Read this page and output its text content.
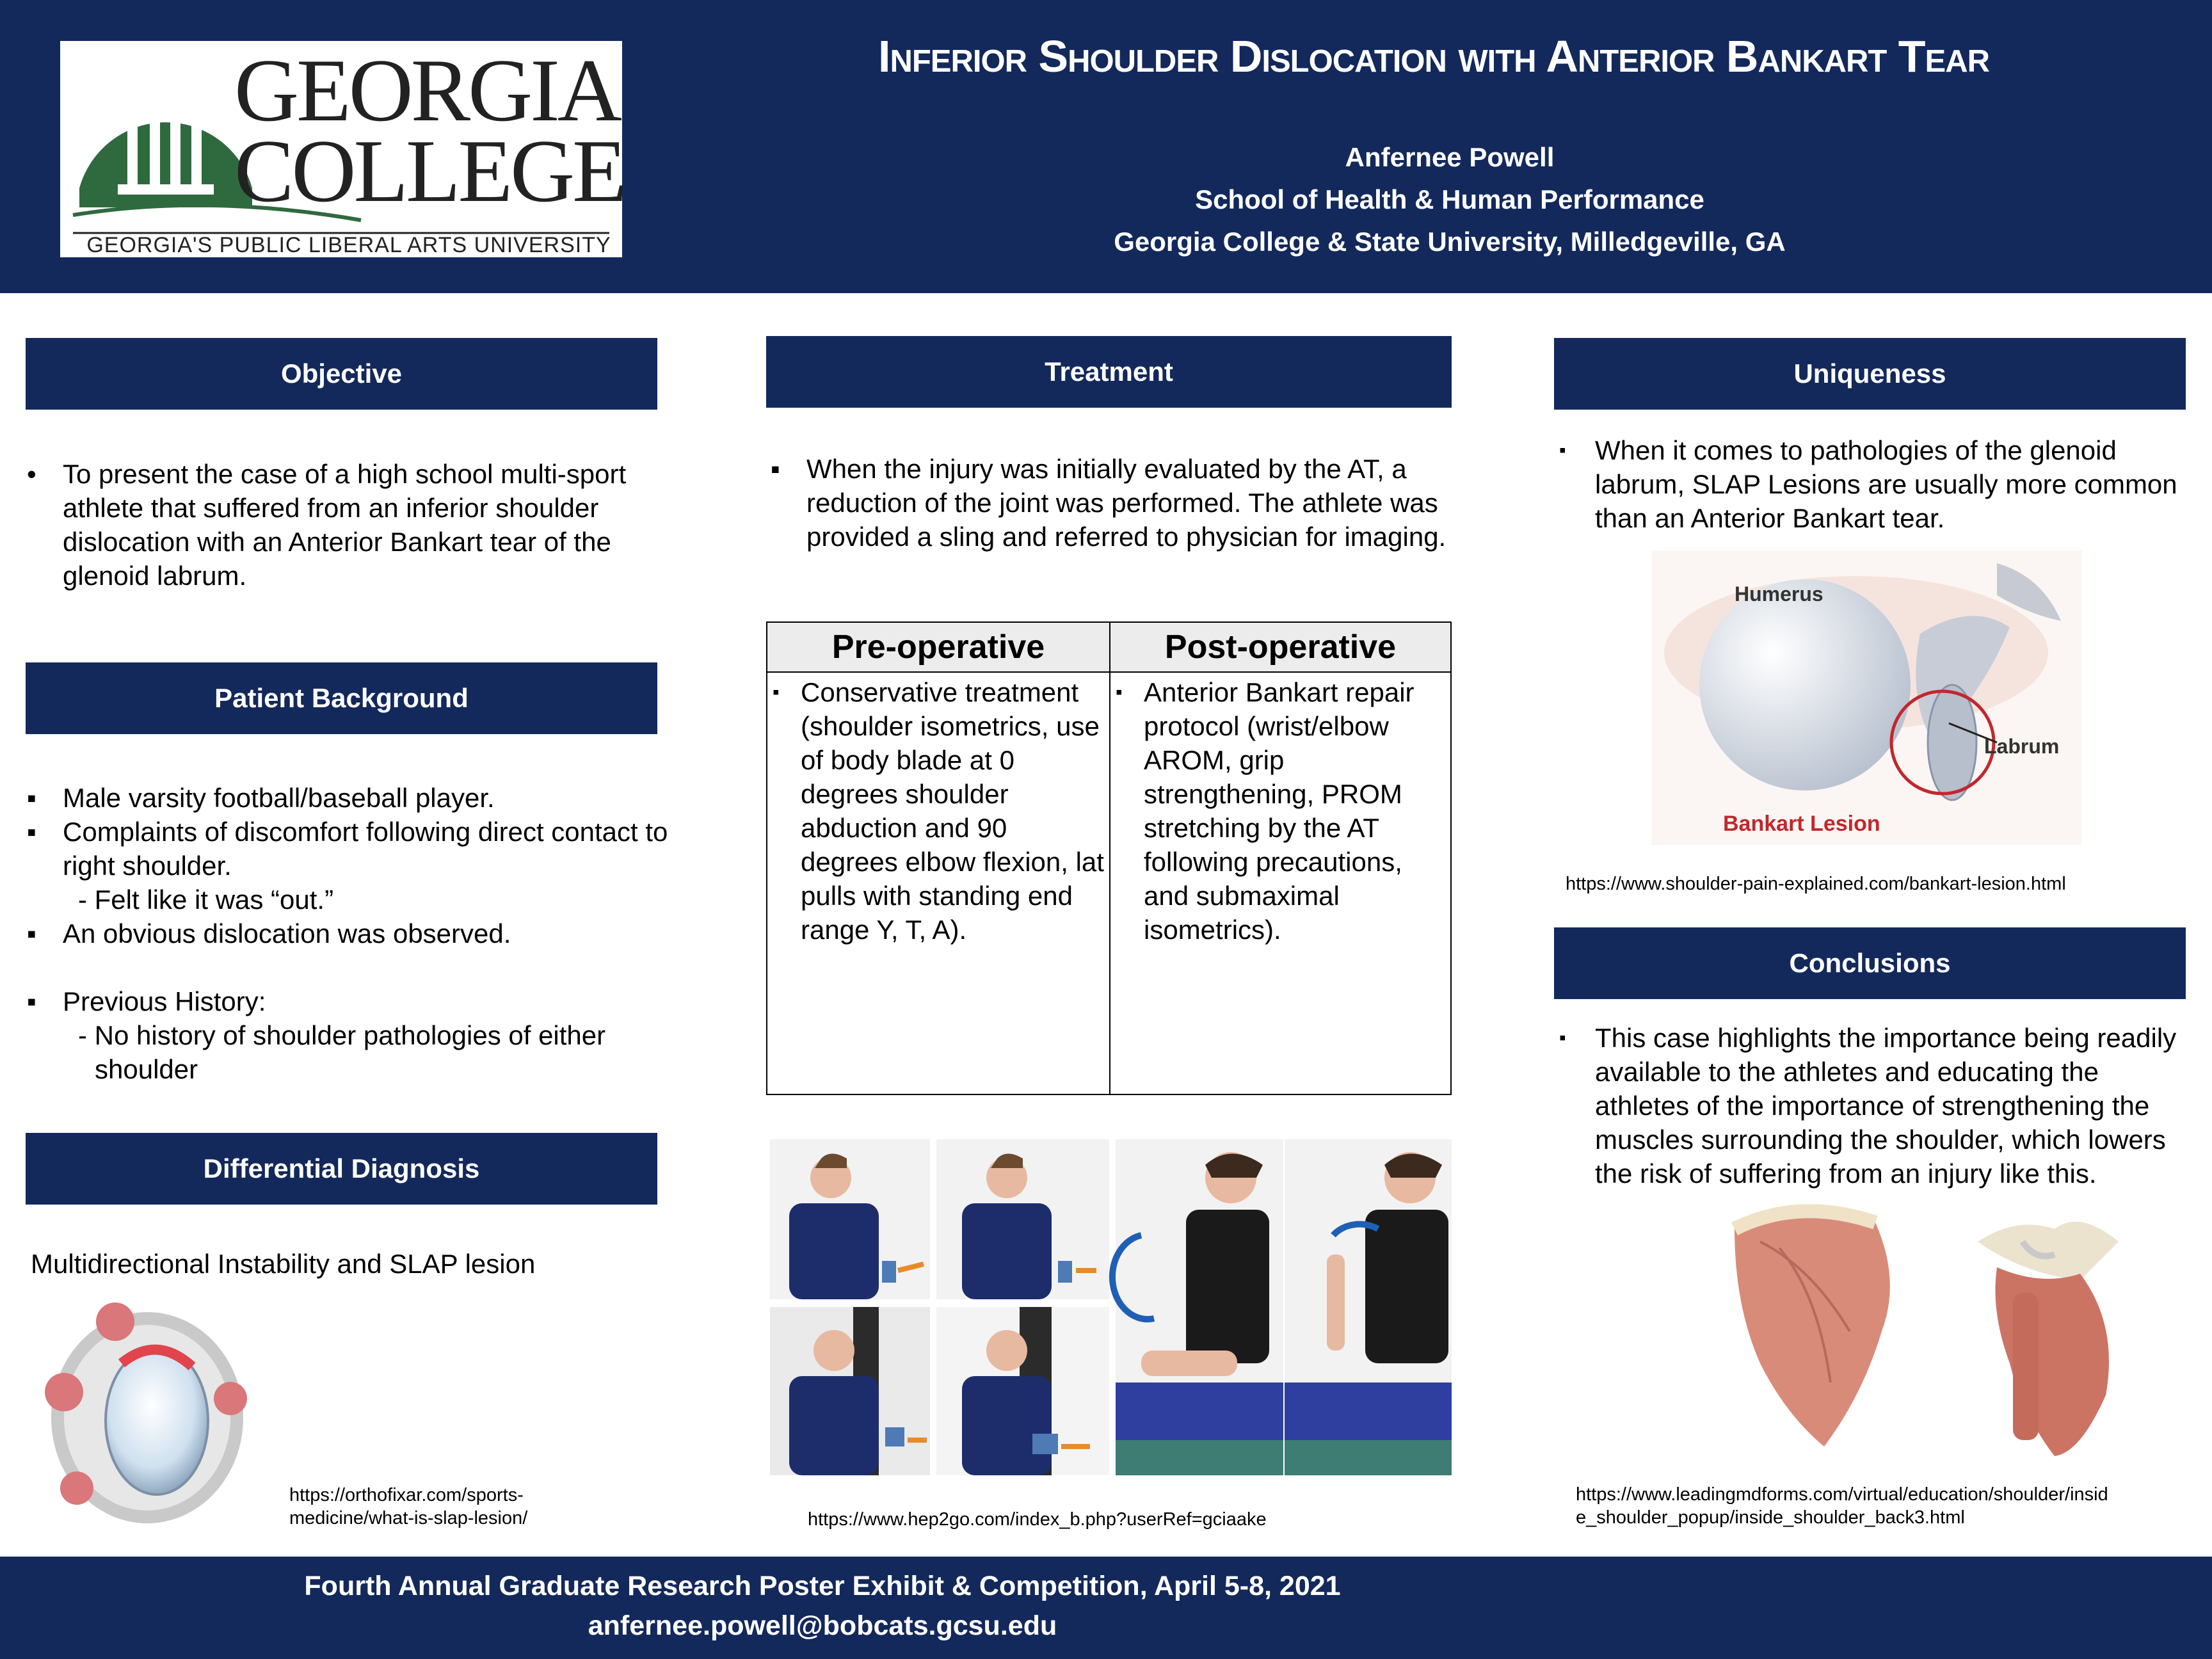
GEORGIA
COLLEGE
GEORGIA'S PUBLIC LIBERAL ARTS UNIVERSITY
Inferior Shoulder Dislocation with Anterior Bankart Tear
Anfernee Powell
School of Health & Human Performance
Georgia College & State University, Milledgeville, GA
Objective
• To present the case of a high school multi-sport athlete that suffered from an inferior shoulder dislocation with an Anterior Bankart tear of the glenoid labrum.
Patient Background
▪ Male varsity football/baseball player.
▪ Complaints of discomfort following direct contact to right shoulder.
- Felt like it was “out.”
▪ An obvious dislocation was observed.
▪ Previous History:
- No history of shoulder pathologies of either shoulder
Differential Diagnosis
Multidirectional Instability and SLAP lesion
https://orthofixar.com/sports-
medicine/what-is-slap-lesion/
Treatment
▪ When the injury was initially evaluated by the AT, a reduction of the joint was performed. The athlete was provided a sling and referred to physician for imaging.
Pre-operative	Post-operative
▪ Conservative treatment (shoulder isometrics, use of body blade at 0 degrees shoulder abduction and 90 degrees elbow flexion, lat pulls with standing end range Y, T, A).
▪ Anterior Bankart repair protocol (wrist/elbow AROM, grip strengthening, PROM stretching by the AT following precautions, and submaximal isometrics).
https://www.hep2go.com/index_b.php?userRef=gciaake
Uniqueness
▪ When it comes to pathologies of the glenoid labrum, SLAP Lesions are usually more common than an Anterior Bankart tear.
Humerus
Labrum
Bankart Lesion
https://www.shoulder-pain-explained.com/bankart-lesion.html
Conclusions
▪ This case highlights the importance being readily available to the athletes and educating the athletes of the importance of strengthening the muscles surrounding the shoulder, which lowers the risk of suffering from an injury like this.
https://www.leadingmdforms.com/virtual/education/shoulder/insid
e_shoulder_popup/inside_shoulder_back3.html
Fourth Annual Graduate Research Poster Exhibit & Competition, April 5-8, 2021
anfernee.powell@bobcats.gcsu.edu
